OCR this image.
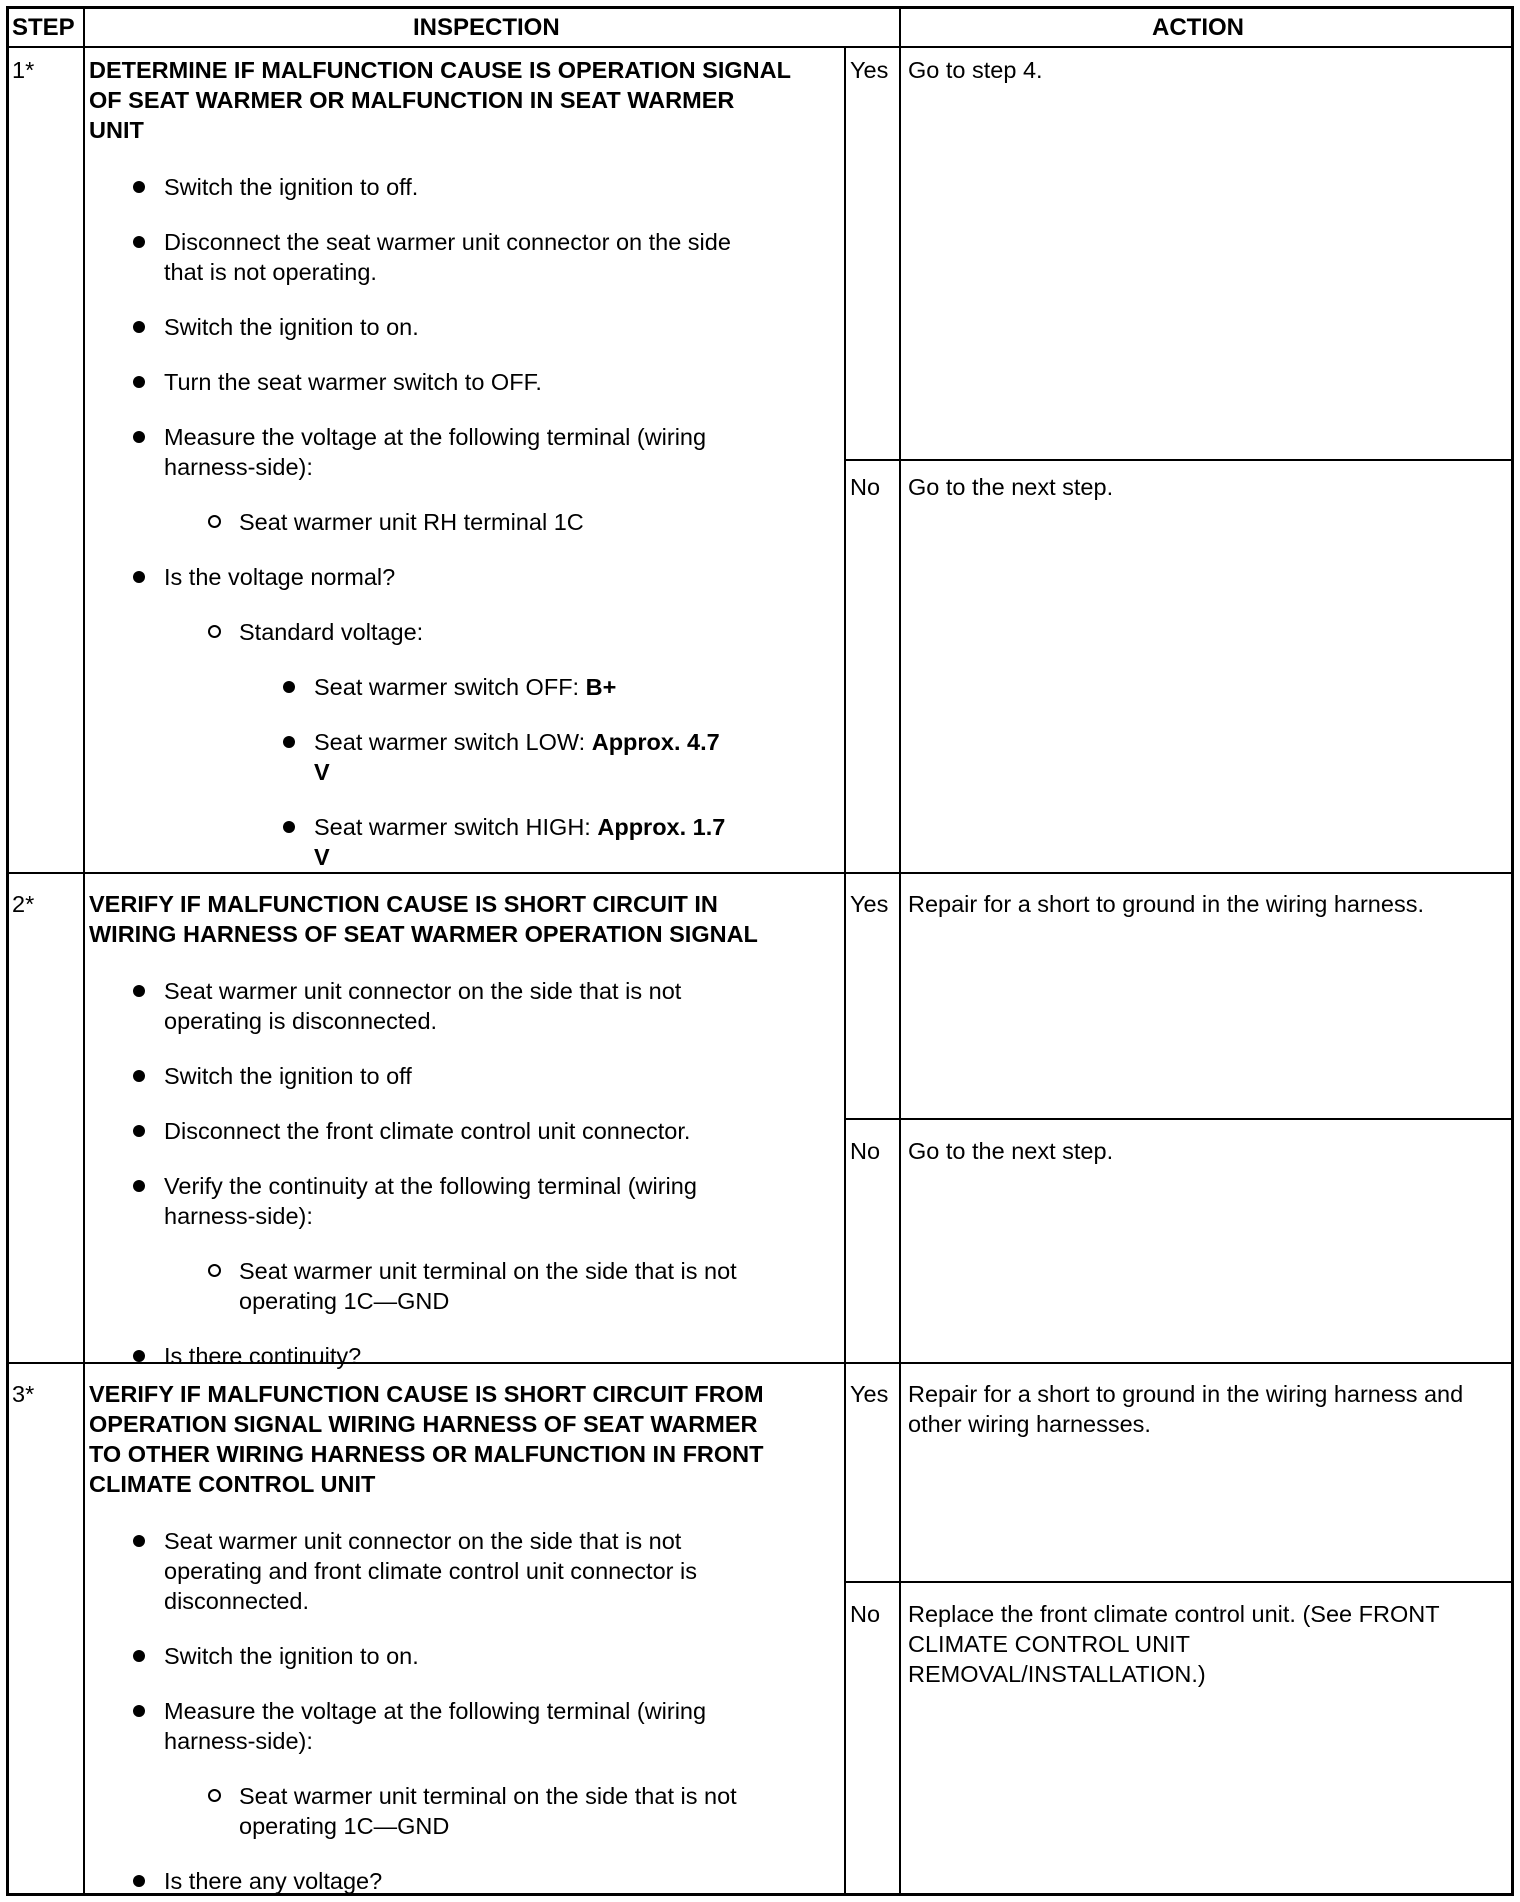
STEP	INSPECTION	ACTION
1* DETERMINE IF MALFUNCTION CAUSE IS OPERATION SIGNAL
OF SEAT WARMER OR MALFUNCTION IN SEAT WARMER
UNIT
Switch the ignition to off.
Disconnect the seat warmer unit connector on the side
that is not operating.
Switch the ignition to on.
Turn the seat warmer switch to OFF.
Measure the voltage at the following terminal (wiring
harness-side):
Seat warmer unit RH terminal 1C
Is the voltage normal?
Standard voltage:
Seat warmer switch OFF: B+
Seat warmer switch LOW: Approx. 4.7
V
Seat warmer switch HIGH: Approx. 1.7
V
Yes Go to step 4.
No Go to the next step.
2* VERIFY IF MALFUNCTION CAUSE IS SHORT CIRCUIT IN
WIRING HARNESS OF SEAT WARMER OPERATION SIGNAL
Seat warmer unit connector on the side that is not
operating is disconnected.
Switch the ignition to off
Disconnect the front climate control unit connector.
Verify the continuity at the following terminal (wiring
harness-side):
Seat warmer unit terminal on the side that is not
operating 1C—GND
Is there continuity?
Yes Repair for a short to ground in the wiring harness.
No Go to the next step.
3* VERIFY IF MALFUNCTION CAUSE IS SHORT CIRCUIT FROM
OPERATION SIGNAL WIRING HARNESS OF SEAT WARMER
TO OTHER WIRING HARNESS OR MALFUNCTION IN FRONT
CLIMATE CONTROL UNIT
Seat warmer unit connector on the side that is not
operating and front climate control unit connector is
disconnected.
Switch the ignition to on.
Measure the voltage at the following terminal (wiring
harness-side):
Seat warmer unit terminal on the side that is not
operating 1C—GND
Is there any voltage?
Yes Repair for a short to ground in the wiring harness and
other wiring harnesses.
No Replace the front climate control unit. (See FRONT
CLIMATE CONTROL UNIT
REMOVAL/INSTALLATION.)
